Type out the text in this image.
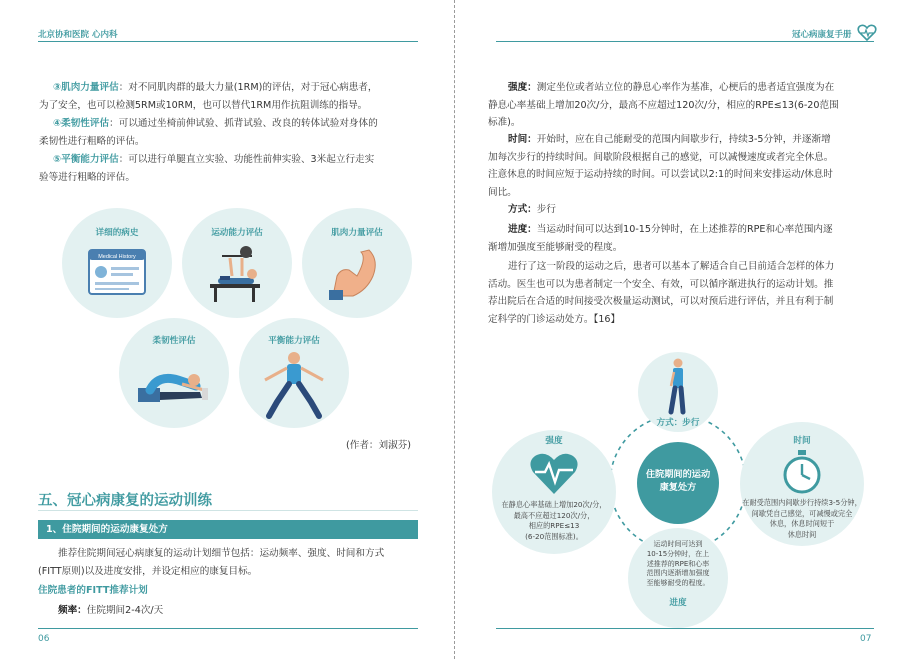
北京协和医院 心内科
③肌肉力量评估：对不同肌肉群的最大力量(1RM)的评估，对于冠心病患者，
为了安全，也可以检测5RM或10RM，也可以替代1RM用作抗阻训练的指导。
④柔韧性评估：可以通过坐椅前伸试验、抓背试验、改良的转体试验对身体的
柔韧性进行粗略的评估。
⑤平衡能力评估：可以进行单腿直立实验、功能性前伸实验、3米起立行走实
验等进行粗略的评估。
详细的病史
Medical History
运动能力评估	肌肉力量评估
柔韧性评估	平衡能力评估
(作者：刘淑芬)
五、冠心病康复的运动训练
1、住院期间的运动康复处方
推荐住院期间冠心病康复的运动计划细节包括：运动频率、强度、时间和方式
(FITT原则)以及进度安排，并设定相应的康复目标。
住院患者的FITT推荐计划
频率：住院期间2-4次/天
06
冠心病康复手册
强度：测定坐位或者站立位的静息心率作为基准，心梗后的患者适宜强度为在
静息心率基础上增加20次/分，最高不应超过120次/分，相应的RPE≤13(6-20范围
标准)。
时间：开始时，应在自己能耐受的范围内间歇步行，持续3-5分钟，并逐渐增
加每次步行的持续时间。间歇阶段根据自己的感觉，可以减慢速度或者完全休息。
注意休息的时间应短于运动持续的时间。可以尝试以2:1的时间来安排运动/休息时
间比。
方式：步行
进度：当运动时间可以达到10-15分钟时，在上述推荐的RPE和心率范围内逐
渐增加强度至能够耐受的程度。
进行了这一阶段的运动之后，患者可以基本了解适合自己目前适合怎样的体力
活动。医生也可以为患者制定一个安全、有效，可以循序渐进执行的运动计划。推
荐出院后在合适的时间接受次极量运动测试，可以对预后进行评估，并且有利于制
定科学的门诊运动处方。【16】
方式：步行
强度
在静息心率基础上增加20次/分，
最高不应超过120次/分，
相应的RPE≤13
(6-20范围标准)。
住院期间的运动康复处方
时间
在耐受范围内间歇步行持续3-5分钟，
间歇凭自己感觉，可减慢或完全
休息，休息时间短于
休息时间
运动时间可达到
10-15分钟时，在上
述推荐的RPE和心率
范围内逐渐增加强度
至能够耐受的程度。
进度
07
